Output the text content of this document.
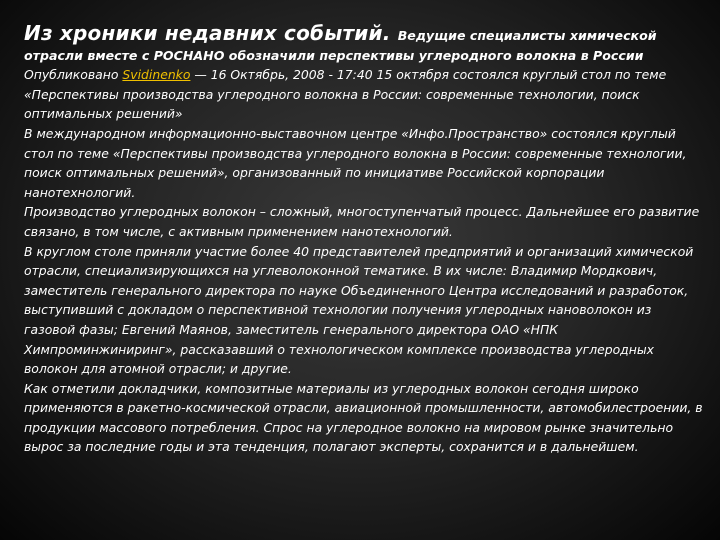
Из хроники недавних событий. Ведущие специалисты химической отрасли вместе с РОСНАНО обозначили перспективы углеродного волокна в России
Опубликовано Svidinenko — 16 Октябрь, 2008 - 17:40 15 октября состоялся круглый стол по теме «Перспективы производства углеродного волокна в России: современные технологии, поиск оптимальных решений»
В международном информационно-выставочном центре «Инфо.Пространство» состоялся круглый стол по теме «Перспективы производства углеродного волокна в России: современные технологии, поиск оптимальных решений», организованный по инициативе Российской корпорации нанотехнологий.
Производство углеродных волокон – сложный, многоступенчатый процесс. Дальнейшее его развитие связано, в том числе, с активным применением нанотехнологий.
В круглом столе приняли участие более 40 представителей предприятий и организаций химической отрасли, специализирующихся на углеволоконной тематике. В их числе: Владимир Мордкович, заместитель генерального директора по науке Объединенного Центра исследований и разработок, выступивший с докладом о перспективной технологии получения углеродных нановолокон из газовой фазы; Евгений Маянов, заместитель генерального директора ОАО «НПК Химпроминжиниринг», рассказавший о технологическом комплексе производства углеродных волокон для атомной отрасли; и другие.
Как отметили докладчики, композитные материалы из углеродных волокон сегодня широко применяются в ракетно-космической отрасли, авиационной промышленности, автомобилестроении, в продукции массового потребления. Спрос на углеродное волокно на мировом рынке значительно вырос за последние годы и эта тенденция, полагают эксперты, сохранится и в дальнейшем.
